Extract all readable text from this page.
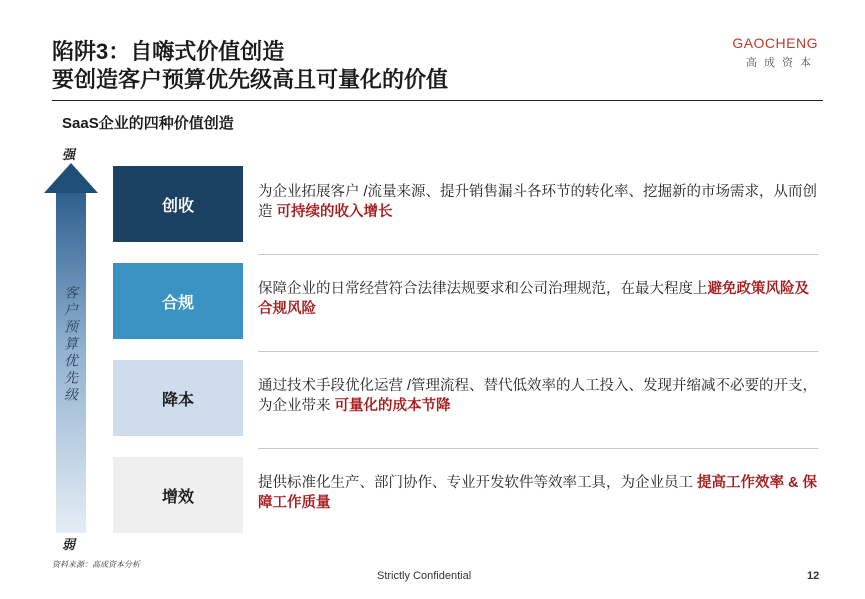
陷阱3：自嗨式价值创造
要创造客户预算优先级高且可量化的价值
GAOCHENG
高成资本
SaaS企业的四种价值创造
强
客户预算优先级
弱
创收
为企业拓展客户 /流量来源、提升销售漏斗各环节的转化率、挖掘新的市场需求，从而创造 可持续的收入增长
合规
保障企业的日常经营符合法律法规要求和公司治理规范，在最大程度上避免政策风险及合规风险
降本
通过技术手段优化运营 /管理流程、替代低效率的人工投入、发现并缩减不必要的开支，为企业带来 可量化的成本节降
增效
提供标准化生产、部门协作、专业开发软件等效率工具，为企业员工 提高工作效率 & 保障工作质量
资料来源：高成资本分析
Strictly Confidential	12
